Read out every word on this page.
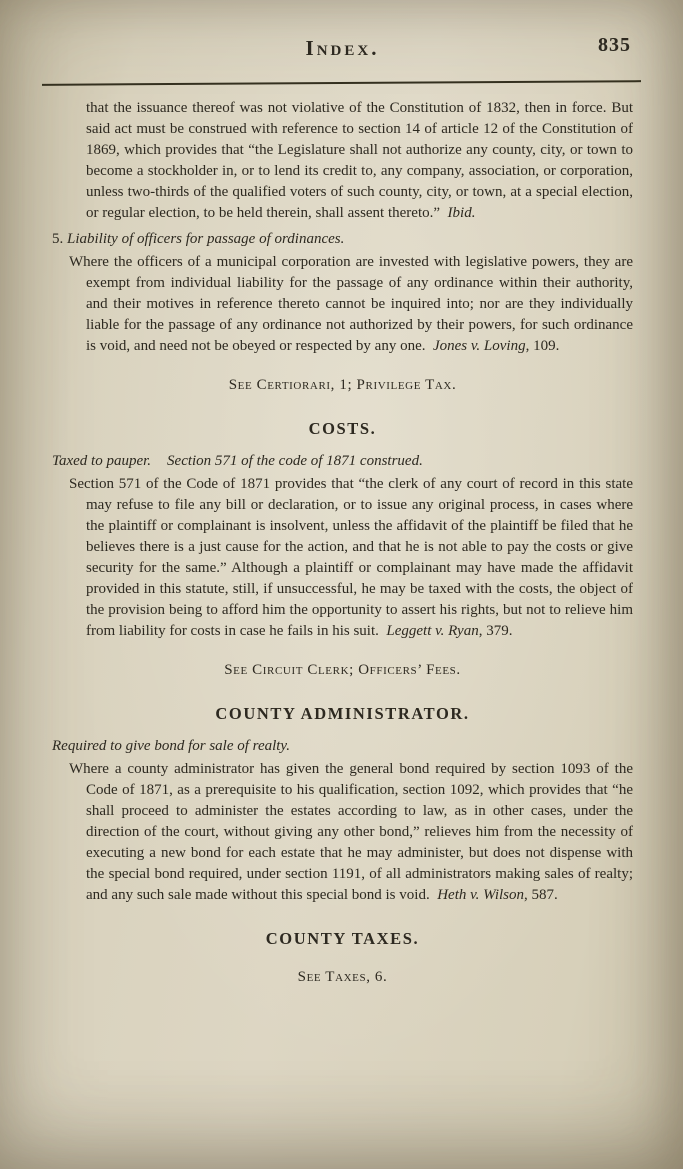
Index.	835

that the issuance thereof was not violative of the Constitution of 1832, then in force. But said act must be construed with reference to section 14 of article 12 of the Constitution of 1869, which provides that “the Legislature shall not authorize any county, city, or town to become a stockholder in, or to lend its credit to, any company, association, or corporation, unless two-thirds of the qualified voters of such county, city, or town, at a special election, or regular election, to be held therein, shall assent thereto.” Ibid.

5. Liability of officers for passage of ordinances.

Where the officers of a municipal corporation are invested with legislative powers, they are exempt from individual liability for the passage of any ordinance within their authority, and their motives in reference thereto cannot be inquired into; nor are they individually liable for the passage of any ordinance not authorized by their powers, for such ordinance is void, and need not be obeyed or respected by any one. Jones v. Loving, 109.

See Certiorari, 1; Privilege Tax.

COSTS.

Taxed to pauper. Section 571 of the code of 1871 construed.

Section 571 of the Code of 1871 provides that “the clerk of any court of record in this state may refuse to file any bill or declaration, or to issue any original process, in cases where the plaintiff or complainant is insolvent, unless the affidavit of the plaintiff be filed that he believes there is a just cause for the action, and that he is not able to pay the costs or give security for the same.” Although a plaintiff or complainant may have made the affidavit provided in this statute, still, if unsuccessful, he may be taxed with the costs, the object of the provision being to afford him the opportunity to assert his rights, but not to relieve him from liability for costs in case he fails in his suit. Leggett v. Ryan, 379.

See Circuit Clerk; Officers’ Fees.

COUNTY ADMINISTRATOR.

Required to give bond for sale of realty.

Where a county administrator has given the general bond required by section 1093 of the Code of 1871, as a prerequisite to his qualification, section 1092, which provides that “he shall proceed to administer the estates according to law, as in other cases, under the direction of the court, without giving any other bond,” relieves him from the necessity of executing a new bond for each estate that he may administer, but does not dispense with the special bond required, under section 1191, of all administrators making sales of realty; and any such sale made without this special bond is void. Heth v. Wilson, 587.

COUNTY TAXES.

See Taxes, 6.
